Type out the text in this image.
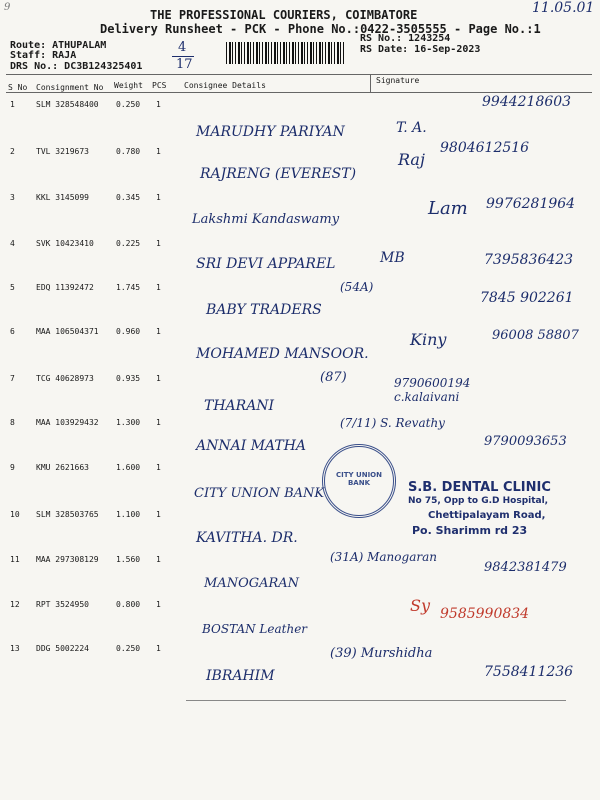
THE PROFESSIONAL COURIERS, COIMBATORE
Delivery Runsheet - PCK - Phone No.:0422-3505555 - Page No.:1
11.05.01
9
Route: ATHUPALAM
Staff: RAJA
DRS No.: DC3B124325401
4
17
RS No.: 1243254
RS Date: 16-Sep-2023
S No Consignment No Weight PCS Consignee Details
Signature
1	SLM 328548400 0.250 1
MARUDHY PARIYAN	T. A.
9944218603
2	TVL 3219673	0.780 1
RAJRENG (EVEREST)
Raj
9804612516
3	KKL 3145099	0.345 1
Lakshmi Kandaswamy
Lam 9976281964
4	SVK 10423410	0.225 1
SRI DEVI APPAREL	MB	7395836423
5	EDQ 11392472	1.745 1
BABY TRADERS
(54A)
7845 902261
6	MAA 106504371 0.960 1
MOHAMED MANSOOR.
Kiny	96008 58807
7	TCG 40628973	0.935 1
THARANI
(87)	9790600194 c.kalaivani
8	MAA 103929432 1.300 1
ANNAI MATHA
(7/11) S. Revathy
9790093653
9	KMU 2621663	1.600 1
CITY UNION BANK
10 SLM 328503765 1.100 1
KAVITHA. DR.
11 MAA 297308129 1.560 1
MANOGARAN
(31A) Manogaran
9842381479
12 RPT 3524950	0.800 1
BOSTAN Leather
Sy 9585990834
13 DDG 5002224	0.250 1
IBRAHIM
(39) Murshidha
7558411236
CITY UNION BANK	S.B. DENTAL CLINIC
No 75, Opp to G.D Hospital,
Chettipalayam Road,
Po. Sharimm rd 23
